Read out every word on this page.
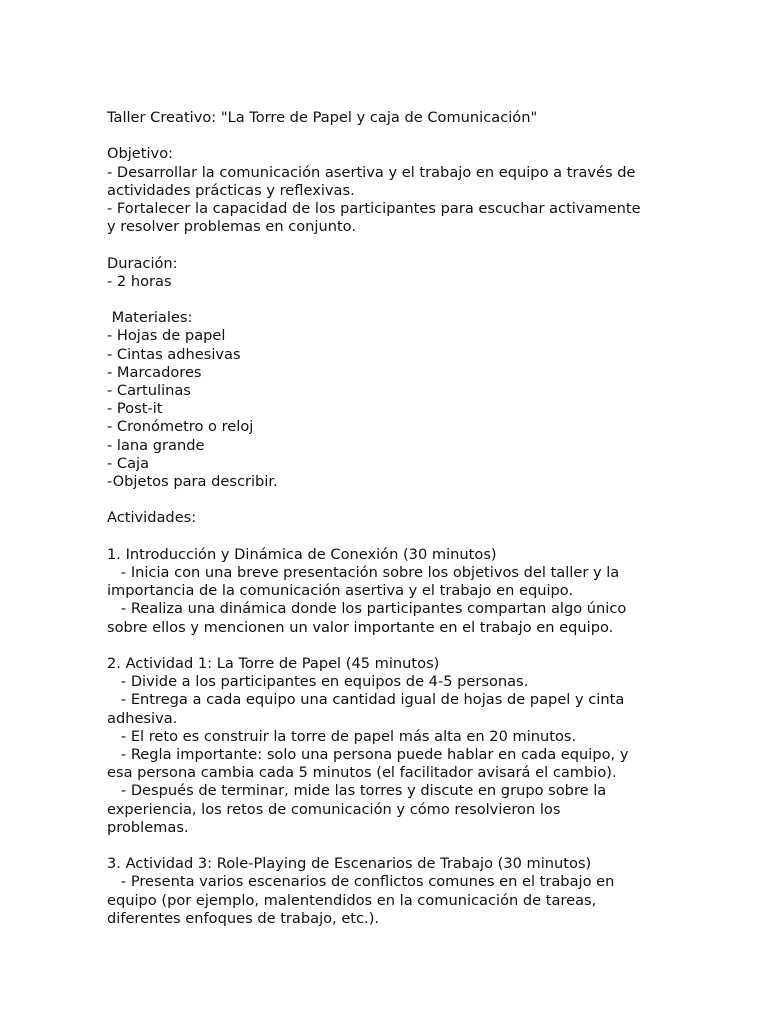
Taller Creativo: "La Torre de Papel y caja de Comunicación"
Objetivo:
- Desarrollar la comunicación asertiva y el trabajo en equipo a través de
actividades prácticas y reflexivas.
- Fortalecer la capacidad de los participantes para escuchar activamente
y resolver problemas en conjunto.
Duración:
- 2 horas
Materiales:
- Hojas de papel
- Cintas adhesivas
- Marcadores
- Cartulinas
- Post-it
- Cronómetro o reloj
- lana grande
- Caja
-Objetos para describir.
Actividades:
1. Introducción y Dinámica de Conexión (30 minutos)
- Inicia con una breve presentación sobre los objetivos del taller y la
importancia de la comunicación asertiva y el trabajo en equipo.
- Realiza una dinámica donde los participantes compartan algo único
sobre ellos y mencionen un valor importante en el trabajo en equipo.
2. Actividad 1: La Torre de Papel (45 minutos)
- Divide a los participantes en equipos de 4-5 personas.
- Entrega a cada equipo una cantidad igual de hojas de papel y cinta
adhesiva.
- El reto es construir la torre de papel más alta en 20 minutos.
- Regla importante: solo una persona puede hablar en cada equipo, y
esa persona cambia cada 5 minutos (el facilitador avisará el cambio).
- Después de terminar, mide las torres y discute en grupo sobre la
experiencia, los retos de comunicación y cómo resolvieron los
problemas.
3. Actividad 3: Role-Playing de Escenarios de Trabajo (30 minutos)
- Presenta varios escenarios de conflictos comunes en el trabajo en
equipo (por ejemplo, malentendidos en la comunicación de tareas,
diferentes enfoques de trabajo, etc.).
